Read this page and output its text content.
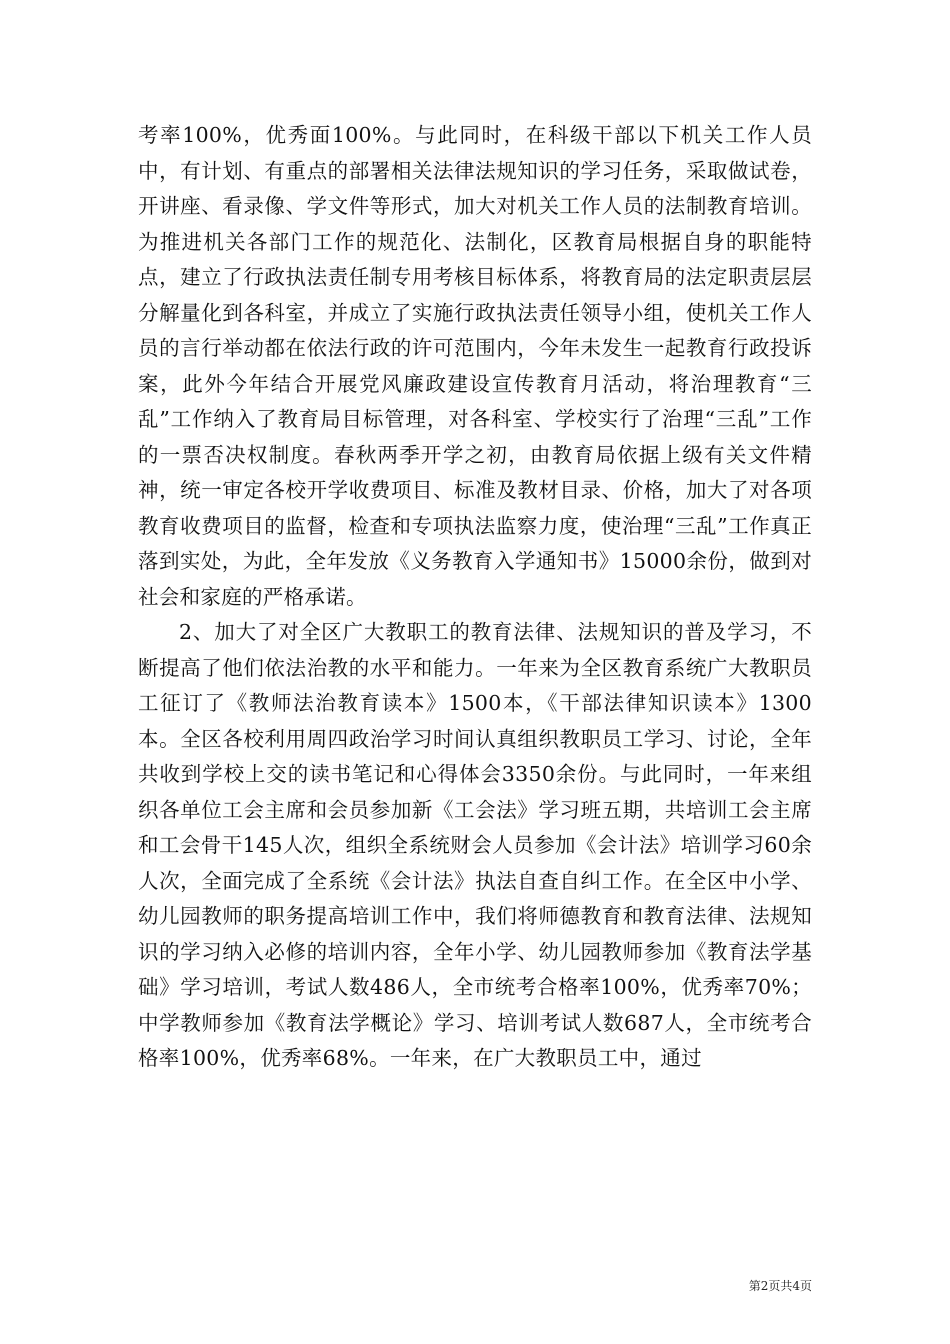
考率100%，优秀面100%。与此同时，在科级干部以下机关工作人员中，有计划、有重点的部署相关法律法规知识的学习任务，采取做试卷，开讲座、看录像、学文件等形式，加大对机关工作人员的法制教育培训。为推进机关各部门工作的规范化、法制化，区教育局根据自身的职能特点，建立了行政执法责任制专用考核目标体系，将教育局的法定职责层层分解量化到各科室，并成立了实施行政执法责任领导小组，使机关工作人员的言行举动都在依法行政的许可范围内，今年未发生一起教育行政投诉案，此外今年结合开展党风廉政建设宣传教育月活动，将治理教育“三乱”工作纳入了教育局目标管理，对各科室、学校实行了治理“三乱”工作的一票否决权制度。春秋两季开学之初，由教育局依据上级有关文件精神，统一审定各校开学收费项目、标准及教材目录、价格，加大了对各项教育收费项目的监督，检查和专项执法监察力度，使治理“三乱”工作真正落到实处，为此，全年发放《义务教育入学通知书》15000余份，做到对社会和家庭的严格承诺。

2、加大了对全区广大教职工的教育法律、法规知识的普及学习，不断提高了他们依法治教的水平和能力。一年来为全区教育系统广大教职员工征订了《教师法治教育读本》1500本，《干部法律知识读本》1300本。全区各校利用周四政治学习时间认真组织教职员工学习、讨论，全年共收到学校上交的读书笔记和心得体会3350余份。与此同时，一年来组织各单位工会主席和会员参加新《工会法》学习班五期，共培训工会主席和工会骨干145人次，组织全系统财会人员参加《会计法》培训学习60余人次，全面完成了全系统《会计法》执法自查自纠工作。在全区中小学、幼儿园教师的职务提高培训工作中，我们将师德教育和教育法律、法规知识的学习纳入必修的培训内容，全年小学、幼儿园教师参加《教育法学基础》学习培训，考试人数486人，全市统考合格率100%，优秀率70%；中学教师参加《教育法学概论》学习、培训考试人数687人，全市统考合格率100%，优秀率68%。一年来，在广大教职员工中，通过

第2页共4页
